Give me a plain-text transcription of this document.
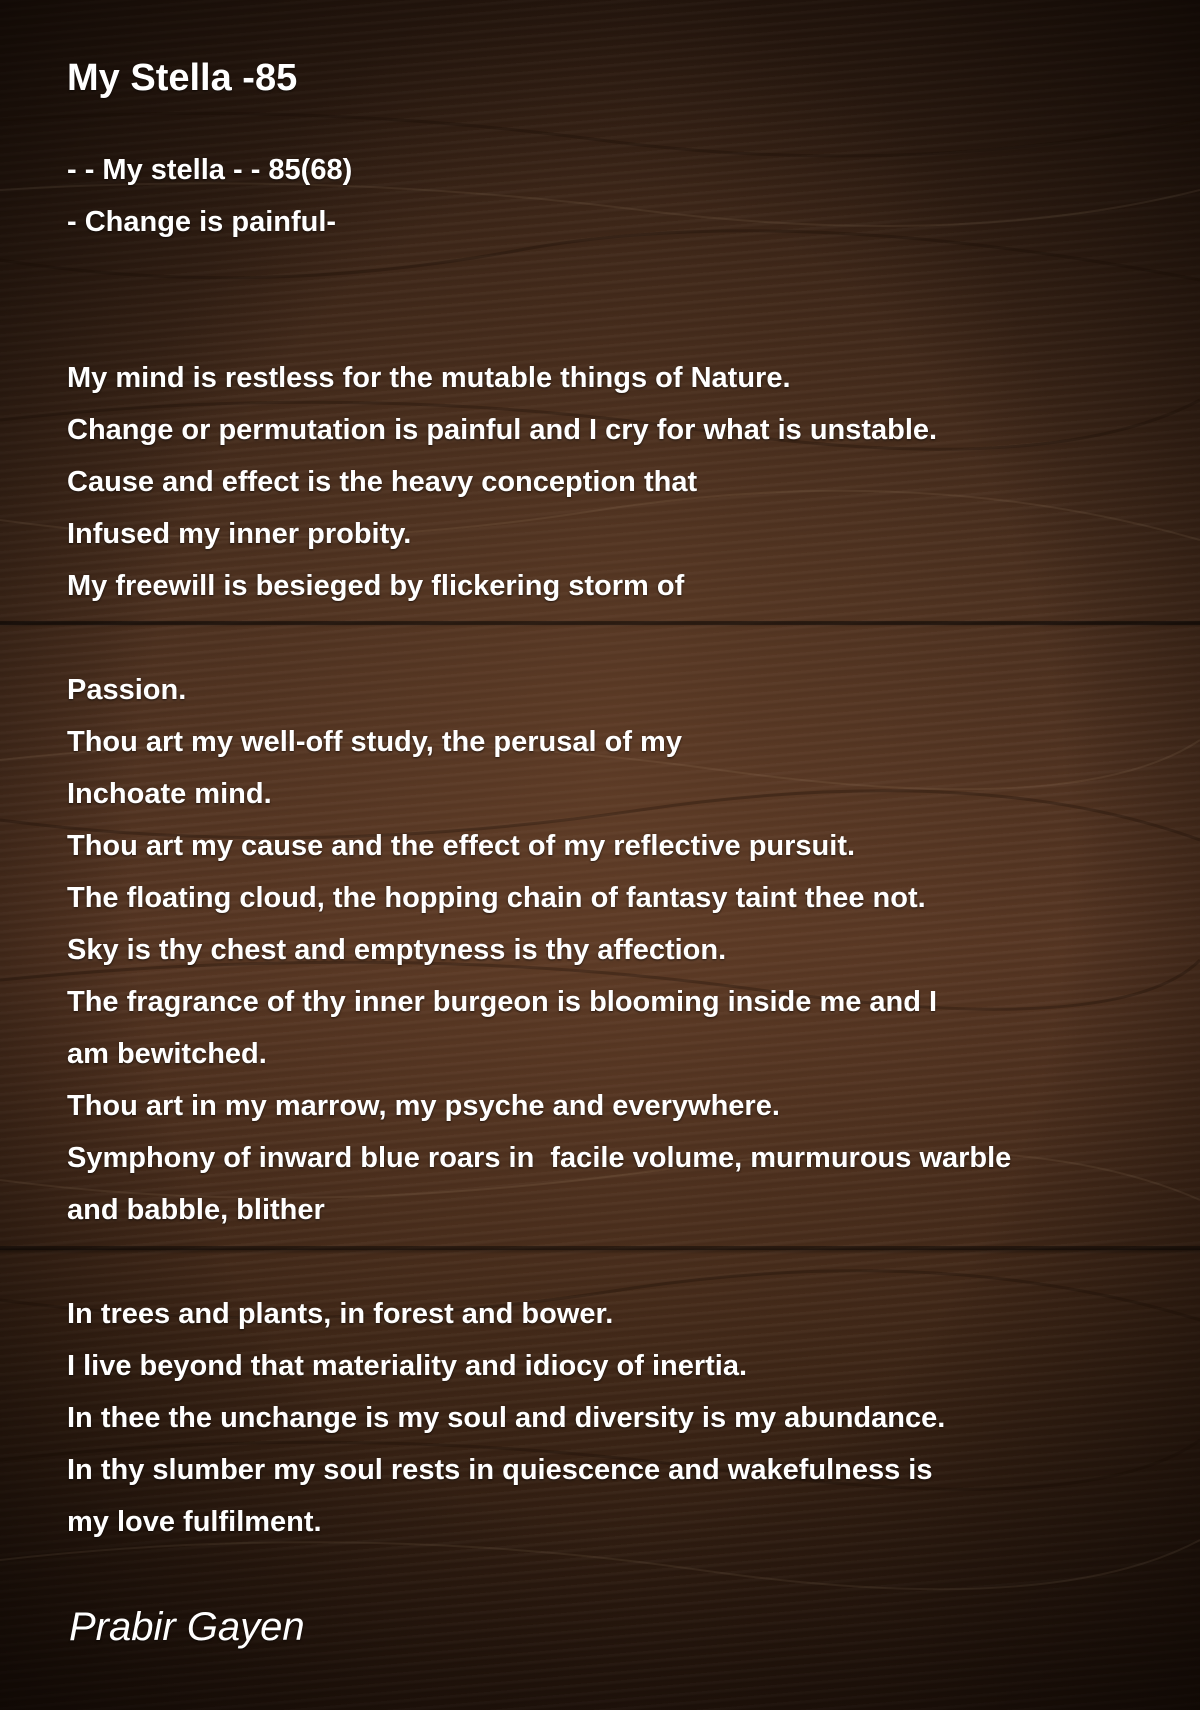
My Stella -85
- - My stella - - 85(68)
- Change is painful-
My mind is restless for the mutable things of Nature.
Change or permutation is painful and I cry for what is unstable.
Cause and effect is the heavy conception that
Infused my inner probity.
My freewill is besieged by flickering storm of
Passion.
Thou art my well-off study, the perusal of my
Inchoate mind.
Thou art my cause and the effect of my reflective pursuit.
The floating cloud, the hopping chain of fantasy taint thee not.
Sky is thy chest and emptyness is thy affection.
The fragrance of thy inner burgeon is blooming inside me and I
am bewitched.
Thou art in my marrow, my psyche and everywhere.
Symphony of inward blue roars in  facile volume, murmurous warble
and babble, blither
In trees and plants, in forest and bower.
I live beyond that materiality and idiocy of inertia.
In thee the unchange is my soul and diversity is my abundance.
In thy slumber my soul rests in quiescence and wakefulness is
my love fulfilment.
Prabir Gayen
